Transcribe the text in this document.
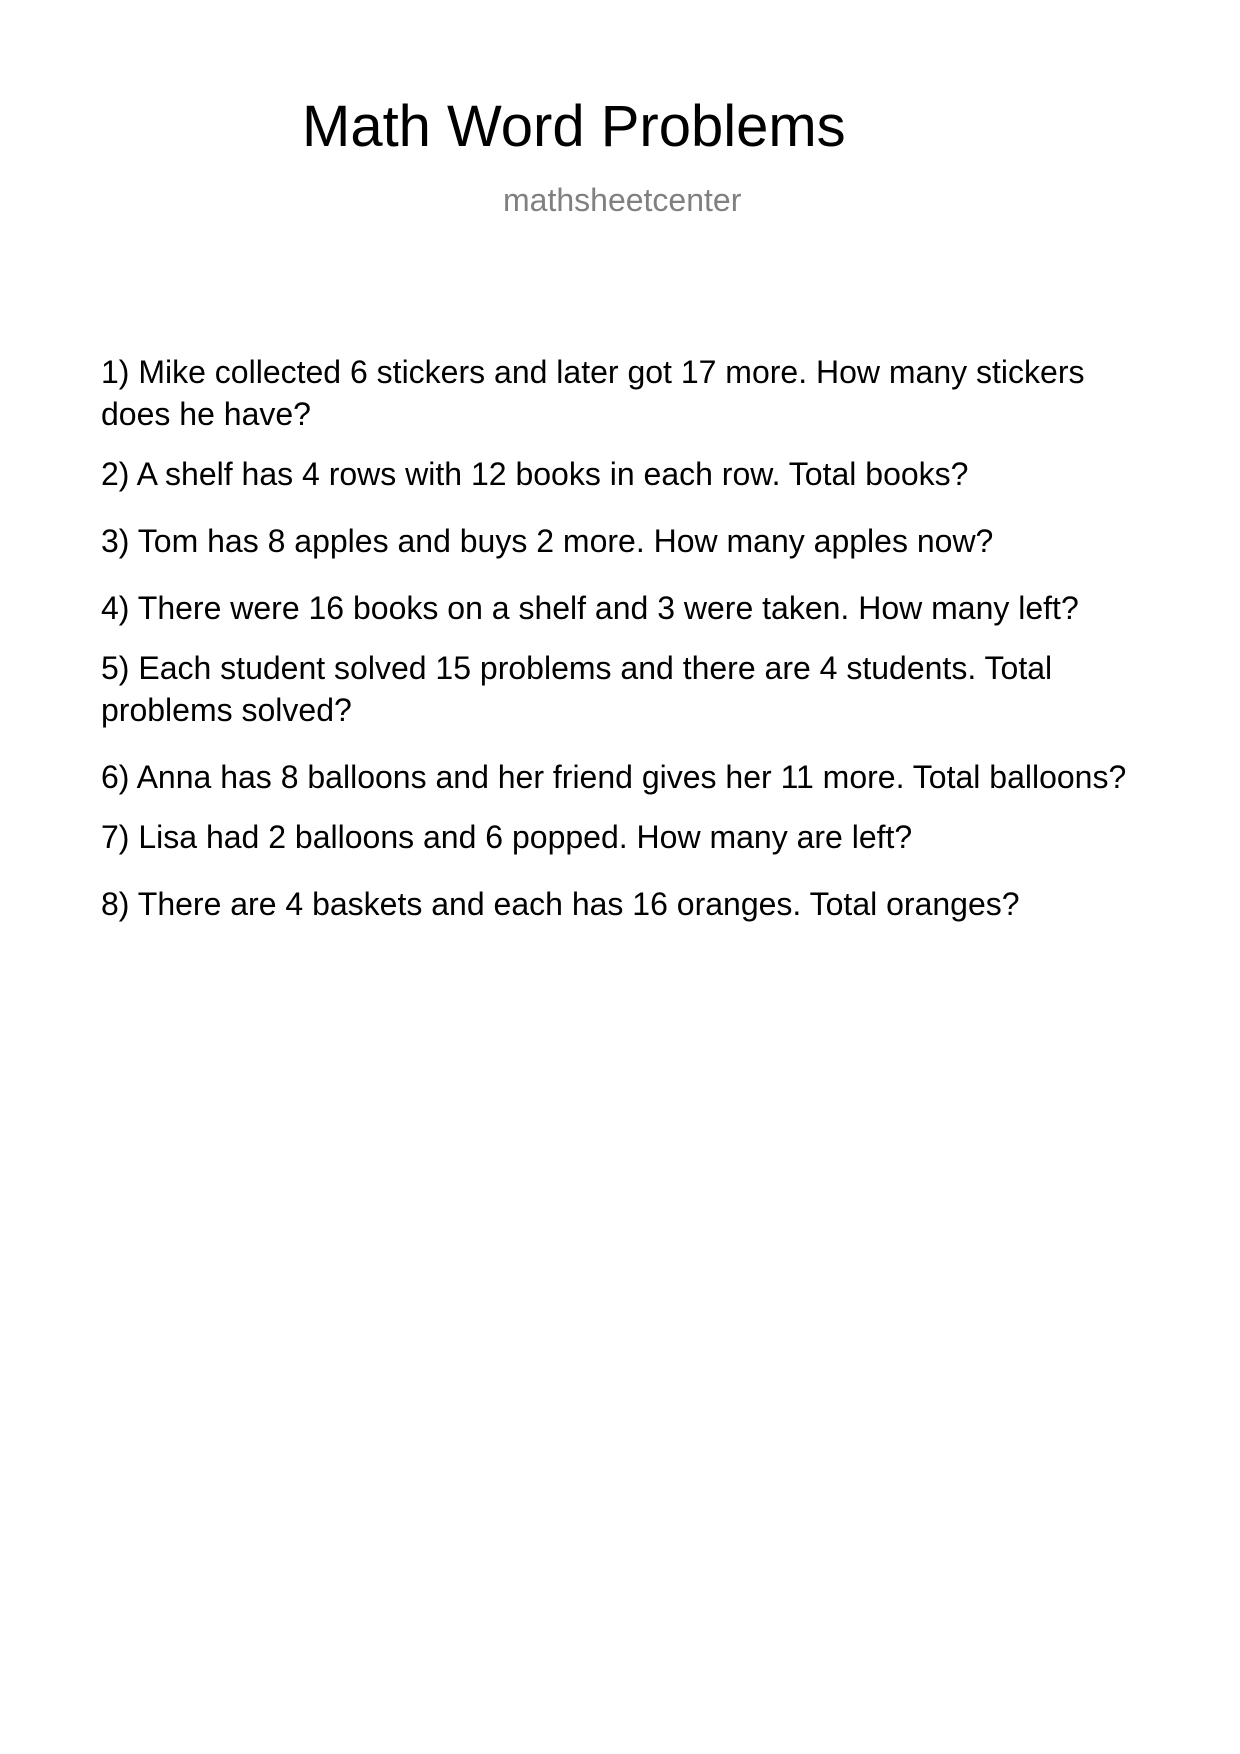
Math Word Problems
mathsheetcenter
1) Mike collected 6 stickers and later got 17 more. How many stickers does he have?
2) A shelf has 4 rows with 12 books in each row. Total books?
3) Tom has 8 apples and buys 2 more. How many apples now?
4) There were 16 books on a shelf and 3 were taken. How many left?
5) Each student solved 15 problems and there are 4 students. Total problems solved?
6) Anna has 8 balloons and her friend gives her 11 more. Total balloons?
7) Lisa had 2 balloons and 6 popped. How many are left?
8) There are 4 baskets and each has 16 oranges. Total oranges?
